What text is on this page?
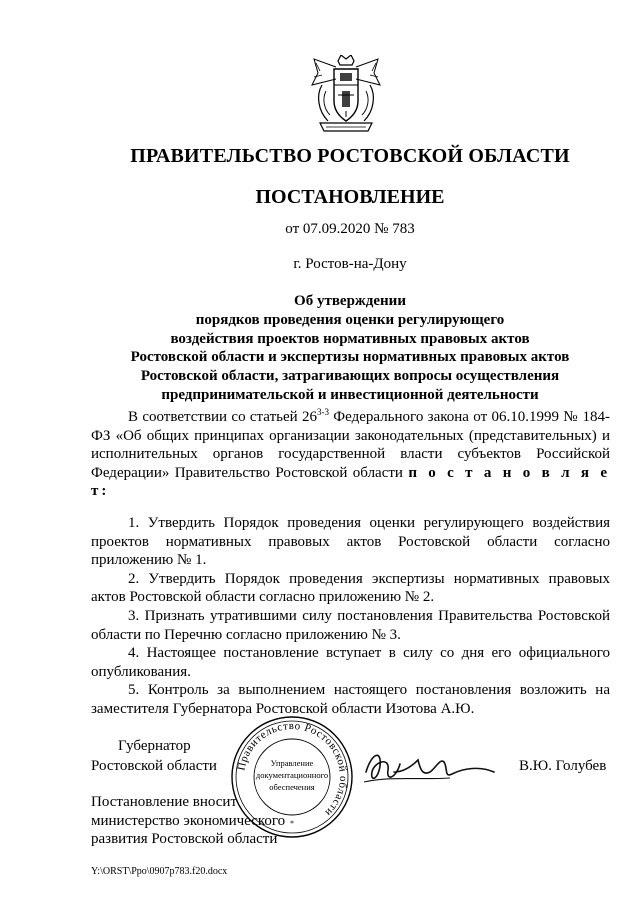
ПРАВИТЕЛЬСТВО РОСТОВСКОЙ ОБЛАСТИ
ПОСТАНОВЛЕНИЕ
от 07.09.2020 № 783
г. Ростов-на-Дону
Об утверждении
порядков проведения оценки регулирующего
воздействия проектов нормативных правовых актов
Ростовской области и экспертизы нормативных правовых актов
Ростовской области, затрагивающих вопросы осуществления
предпринимательской и инвестиционной деятельности
В соответствии со статьей 26$^{3-3}$ Федерального закона от 06.10.1999 № 184-ФЗ «Об общих принципах организации законодательных (представительных) и исполнительных органов государственной власти субъектов Российской Федерации» Правительство Ростовской области п о с т а н о в л я е т:

1. Утвердить Порядок проведения оценки регулирующего воздействия проектов нормативных правовых актов Ростовской области согласно приложению № 1.

2. Утвердить Порядок проведения экспертизы нормативных правовых актов Ростовской области согласно приложению № 2.

3. Признать утратившими силу постановления Правительства Ростовской области по Перечню согласно приложению № 3.

4. Настоящее постановление вступает в силу со дня его официального опубликования.

5. Контроль за выполнением настоящего постановления возложить на заместителя Губернатора Ростовской области Изотова А.Ю.

Губернатор
Ростовской области	В.Ю. Голубев
Правительство Ростовской области
Управление
документационного
обеспечения
*
Постановление вносит
министерство экономического
развития Ростовской области
Y:\ORST\Ppo\0907p783.f20.docx
